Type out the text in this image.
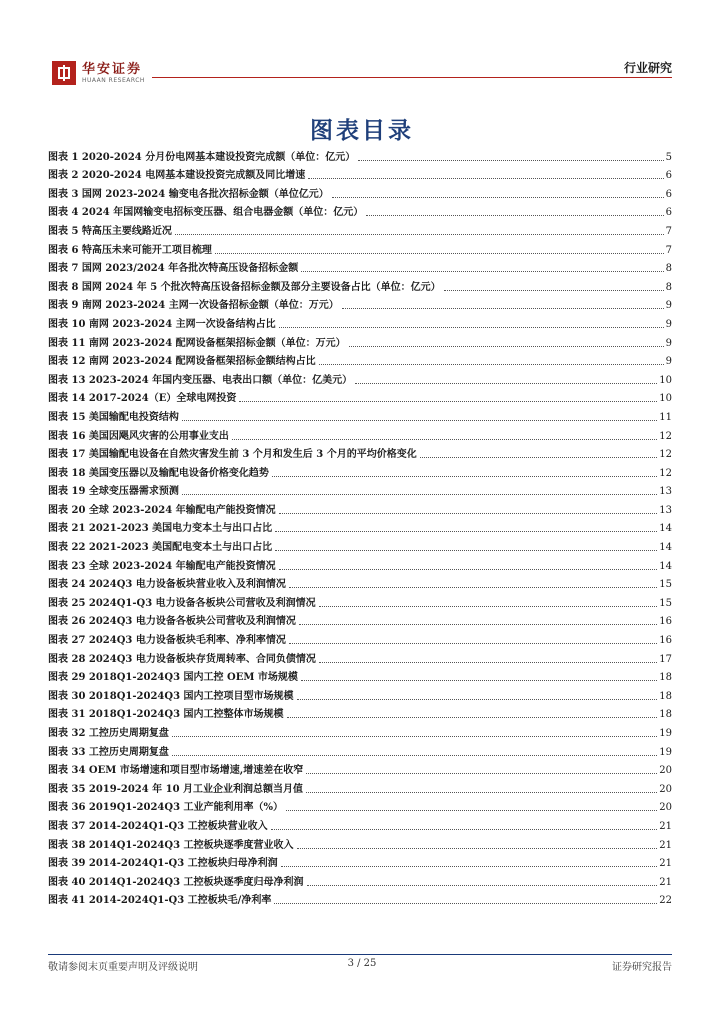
华安证券
HUAAN RESEARCH
行业研究
图表目录
图表 1 2020-2024 分月份电网基本建设投资完成额（单位：亿元）	5
图表 2 2020-2024 电网基本建设投资完成额及同比增速	6
图表 3 国网 2023-2024 输变电各批次招标金额（单位亿元）	6
图表 4 2024 年国网输变电招标变压器、组合电器金额（单位：亿元）	6
图表 5 特高压主要线路近况	7
图表 6 特高压未来可能开工项目梳理	7
图表 7 国网 2023/2024 年各批次特高压设备招标金额	8
图表 8 国网 2024 年 5 个批次特高压设备招标金额及部分主要设备占比（单位：亿元）	8
图表 9 南网 2023-2024 主网一次设备招标金额（单位：万元）	9
图表 10 南网 2023-2024 主网一次设备结构占比	9
图表 11 南网 2023-2024 配网设备框架招标金额（单位：万元）	9
图表 12 南网 2023-2024 配网设备框架招标金额结构占比	9
图表 13 2023-2024 年国内变压器、电表出口额（单位：亿美元）	10
图表 14 2017-2024（E）全球电网投资	10
图表 15 美国输配电投资结构	11
图表 16 美国因飓风灾害的公用事业支出	12
图表 17 美国输配电设备在自然灾害发生前 3 个月和发生后 3 个月的平均价格变化	12
图表 18 美国变压器以及输配电设备价格变化趋势	12
图表 19 全球变压器需求预测	13
图表 20 全球 2023-2024 年输配电产能投资情况	13
图表 21 2021-2023 美国电力变本土与出口占比	14
图表 22 2021-2023 美国配电变本土与出口占比	14
图表 23 全球 2023-2024 年输配电产能投资情况	14
图表 24 2024Q3 电力设备板块营业收入及利润情况	15
图表 25 2024Q1-Q3 电力设备各板块公司营收及利润情况	15
图表 26 2024Q3 电力设备各板块公司营收及利润情况	16
图表 27 2024Q3 电力设备板块毛利率、净利率情况	16
图表 28 2024Q3 电力设备板块存货周转率、合同负债情况	17
图表 29 2018Q1-2024Q3 国内工控 OEM 市场规模	18
图表 30 2018Q1-2024Q3 国内工控项目型市场规模	18
图表 31 2018Q1-2024Q3 国内工控整体市场规模	18
图表 32 工控历史周期复盘	19
图表 33 工控历史周期复盘	19
图表 34 OEM 市场增速和项目型市场增速,增速差在收窄	20
图表 35 2019-2024 年 10 月工业企业利润总额当月值	20
图表 36 2019Q1-2024Q3 工业产能利用率（%）	20
图表 37 2014-2024Q1-Q3 工控板块营业收入	21
图表 38 2014Q1-2024Q3 工控板块逐季度营业收入	21
图表 39 2014-2024Q1-Q3 工控板块归母净利润	21
图表 40 2014Q1-2024Q3 工控板块逐季度归母净利润	21
图表 41 2014-2024Q1-Q3 工控板块毛/净利率	22
敬请参阅末页重要声明及评级说明	3 / 25	证券研究报告
